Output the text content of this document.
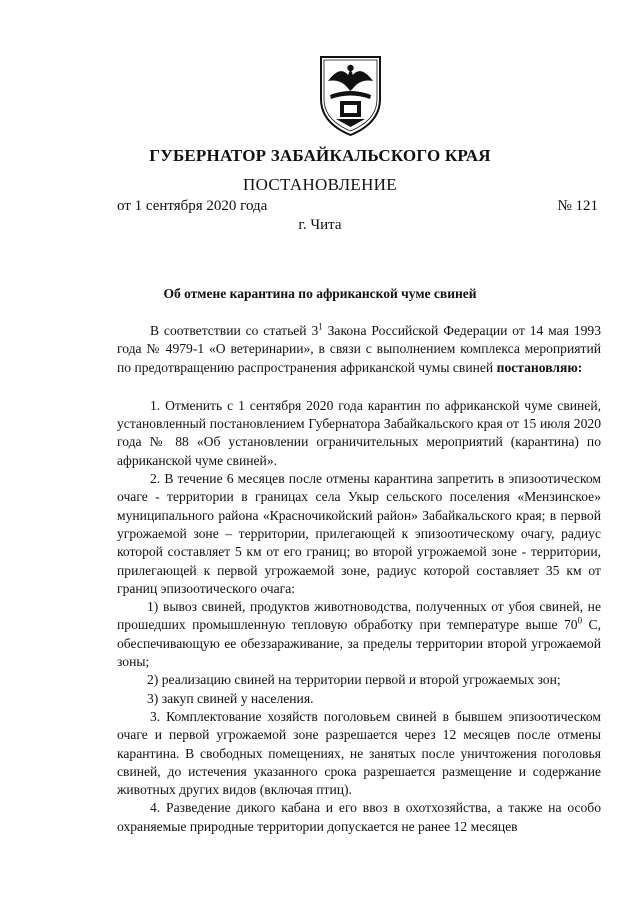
ГУБЕРНАТОР ЗАБАЙКАЛЬСКОГО КРАЯ
ПОСТАНОВЛЕНИЕ
от 1 сентября 2020 года	№ 121
г. Чита
Об отмене карантина по африканской чуме свиней

В соответствии со статьей $3^1$ Закона Российской Федерации от 14 мая 1993 года № 4979-1 «О ветеринарии», в связи с выполнением комплекса мероприятий по предотвращению распространения африканской чумы свиней постановляю:

1. Отменить с 1 сентября 2020 года карантин по африканской чуме свиней, установленный постановлением Губернатора Забайкальского края от 15 июля 2020 года № 88 «Об установлении ограничительных мероприятий (карантина) по африканской чуме свиней».

2. В течение 6 месяцев после отмены карантина запретить в эпизоотическом очаге - территории в границах села Укыр сельского поселения «Мензинское» муниципального района «Красночикойский район» Забайкальского края; в первой угрожаемой зоне – территории, прилегающей к эпизоотическому очагу, радиус которой составляет 5 км от его границ; во второй угрожаемой зоне - территории, прилегающей к первой угрожаемой зоне, радиус которой составляет 35 км от границ эпизоотического очага:

1) вывоз свиней, продуктов животноводства, полученных от убоя свиней, не прошедших промышленную тепловую обработку при температуре выше $70^0$ С, обеспечивающую ее обеззараживание, за пределы территории второй угрожаемой зоны;

2) реализацию свиней на территории первой и второй угрожаемых зон;

3) закуп свиней у населения.

3. Комплектование хозяйств поголовьем свиней в бывшем эпизоотическом очаге и первой угрожаемой зоне разрешается через 12 месяцев после отмены карантина. В свободных помещениях, не занятых после уничтожения поголовья свиней, до истечения указанного срока разрешается размещение и содержание животных других видов (включая птиц).

4. Разведение дикого кабана и его ввоз в охотхозяйства, а также на особо охраняемые природные территории допускается не ранее 12 месяцев
